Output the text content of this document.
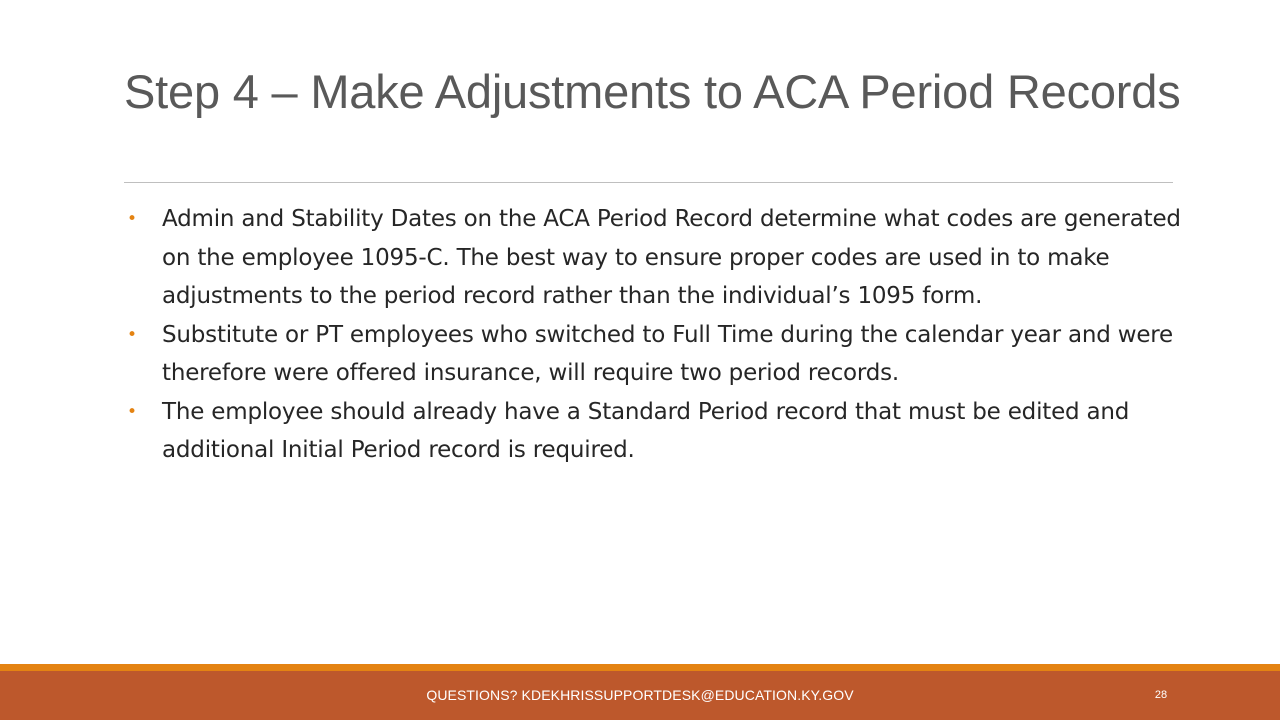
Step 4 – Make Adjustments to ACA Period Records
• Admin and Stability Dates on the ACA Period Record determine what codes are generated on the employee 1095-C. The best way to ensure proper codes are used in to make adjustments to the period record rather than the individual’s 1095 form.
• Substitute or PT employees who switched to Full Time during the calendar year and were therefore were offered insurance, will require two period records.
• The employee should already have a Standard Period record that must be edited and additional Initial Period record is required.
QUESTIONS? KDEKHRISSUPPORTDESK@EDUCATION.KY.GOV	28
